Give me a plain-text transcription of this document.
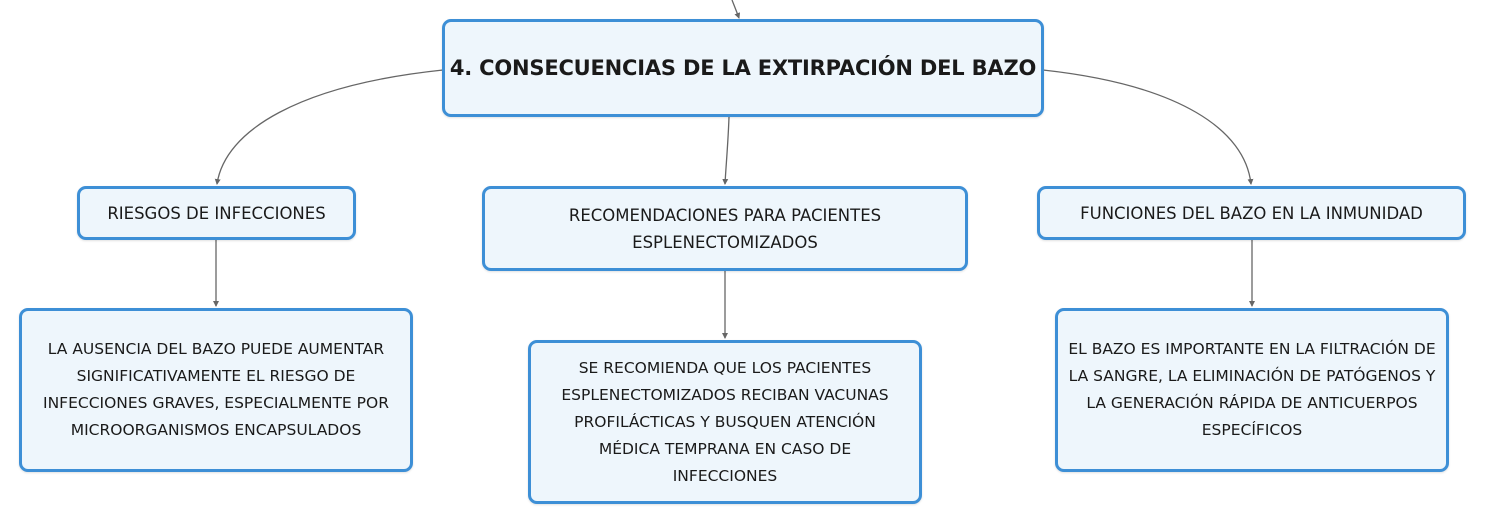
4. CONSECUENCIAS DE LA EXTIRPACIÓN DEL BAZO
RIESGOS DE INFECCIONES	RECOMENDACIONES PARA PACIENTES ESPLENECTOMIZADOS
FUNCIONES DEL BAZO EN LA INMUNIDAD
LA AUSENCIA DEL BAZO PUEDE AUMENTAR SIGNIFICATIVAMENTE EL RIESGO DE INFECCIONES GRAVES, ESPECIALMENTE POR MICROORGANISMOS ENCAPSULADOS
SE RECOMIENDA QUE LOS PACIENTES ESPLENECTOMIZADOS RECIBAN VACUNAS PROFILÁCTICAS Y BUSQUEN ATENCIÓN MÉDICA TEMPRANA EN CASO DE INFECCIONES
EL BAZO ES IMPORTANTE EN LA FILTRACIÓN DE LA SANGRE, LA ELIMINACIÓN DE PATÓGENOS Y LA GENERACIÓN RÁPIDA DE ANTICUERPOS ESPECÍFICOS
